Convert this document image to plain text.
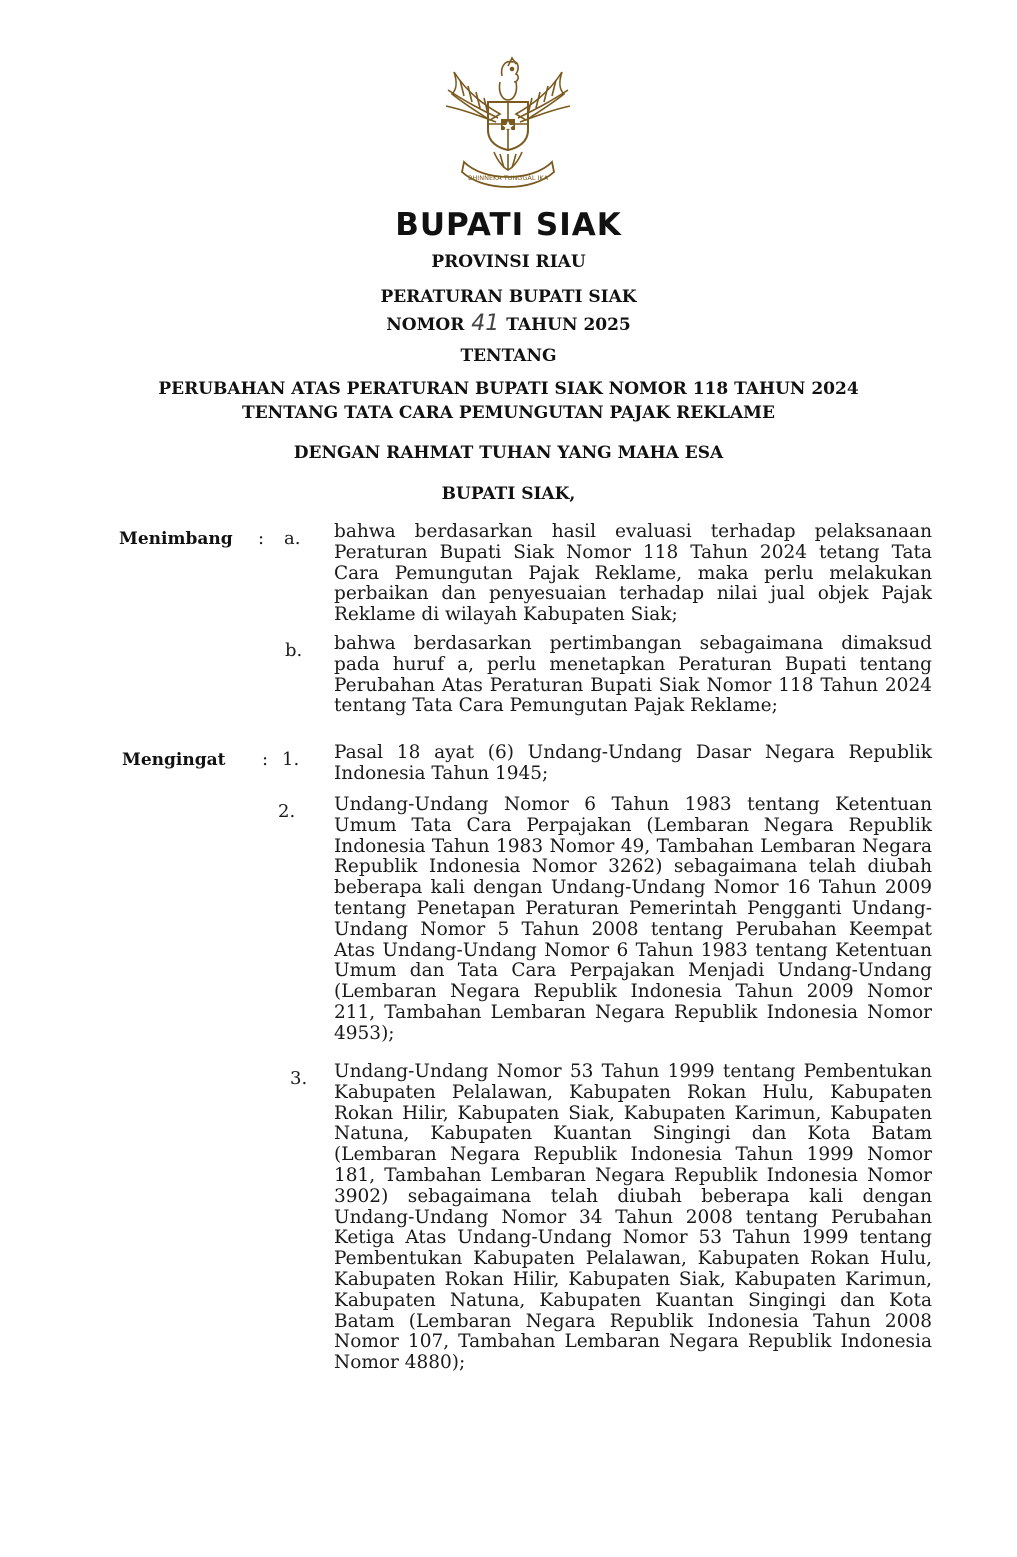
BHINNEKA TUNGGAL IKA
BUPATI SIAK
PROVINSI RIAU
PERATURAN BUPATI SIAK
NOMOR 41 TAHUN 2025
TENTANG
PERUBAHAN ATAS PERATURAN BUPATI SIAK NOMOR 118 TAHUN 2024
TENTANG TATA CARA PEMUNGUTAN PAJAK REKLAME
DENGAN RAHMAT TUHAN YANG MAHA ESA
BUPATI SIAK,
Menimbang : a. bahwa berdasarkan hasil evaluasi terhadap pelaksanaan Peraturan Bupati Siak Nomor 118 Tahun 2024 tetang Tata Cara Pemungutan Pajak Reklame, maka perlu melakukan perbaikan dan penyesuaian terhadap nilai jual objek Pajak Reklame di wilayah Kabupaten Siak;
b. bahwa berdasarkan pertimbangan sebagaimana dimaksud pada huruf a, perlu menetapkan Peraturan Bupati tentang Perubahan Atas Peraturan Bupati Siak Nomor 118 Tahun 2024 tentang Tata Cara Pemungutan Pajak Reklame;
Mengingat : 1. Pasal 18 ayat (6) Undang-Undang Dasar Negara Republik Indonesia Tahun 1945;
2. Undang-Undang Nomor 6 Tahun 1983 tentang Ketentuan Umum Tata Cara Perpajakan (Lembaran Negara Republik Indonesia Tahun 1983 Nomor 49, Tambahan Lembaran Negara Republik Indonesia Nomor 3262) sebagaimana telah diubah beberapa kali dengan Undang-Undang Nomor 16 Tahun 2009 tentang Penetapan Peraturan Pemerintah Pengganti Undang-Undang Nomor 5 Tahun 2008 tentang Perubahan Keempat Atas Undang-Undang Nomor 6 Tahun 1983 tentang Ketentuan Umum dan Tata Cara Perpajakan Menjadi Undang-Undang (Lembaran Negara Republik Indonesia Tahun 2009 Nomor 211, Tambahan Lembaran Negara Republik Indonesia Nomor 4953);
3. Undang-Undang Nomor 53 Tahun 1999 tentang Pembentukan Kabupaten Pelalawan, Kabupaten Rokan Hulu, Kabupaten Rokan Hilir, Kabupaten Siak, Kabupaten Karimun, Kabupaten Natuna, Kabupaten Kuantan Singingi dan Kota Batam (Lembaran Negara Republik Indonesia Tahun 1999 Nomor 181, Tambahan Lembaran Negara Republik Indonesia Nomor 3902) sebagaimana telah diubah beberapa kali dengan Undang-Undang Nomor 34 Tahun 2008 tentang Perubahan Ketiga Atas Undang-Undang Nomor 53 Tahun 1999 tentang Pembentukan Kabupaten Pelalawan, Kabupaten Rokan Hulu, Kabupaten Rokan Hilir, Kabupaten Siak, Kabupaten Karimun, Kabupaten Natuna, Kabupaten Kuantan Singingi dan Kota Batam (Lembaran Negara Republik Indonesia Tahun 2008 Nomor 107, Tambahan Lembaran Negara Republik Indonesia Nomor 4880);
